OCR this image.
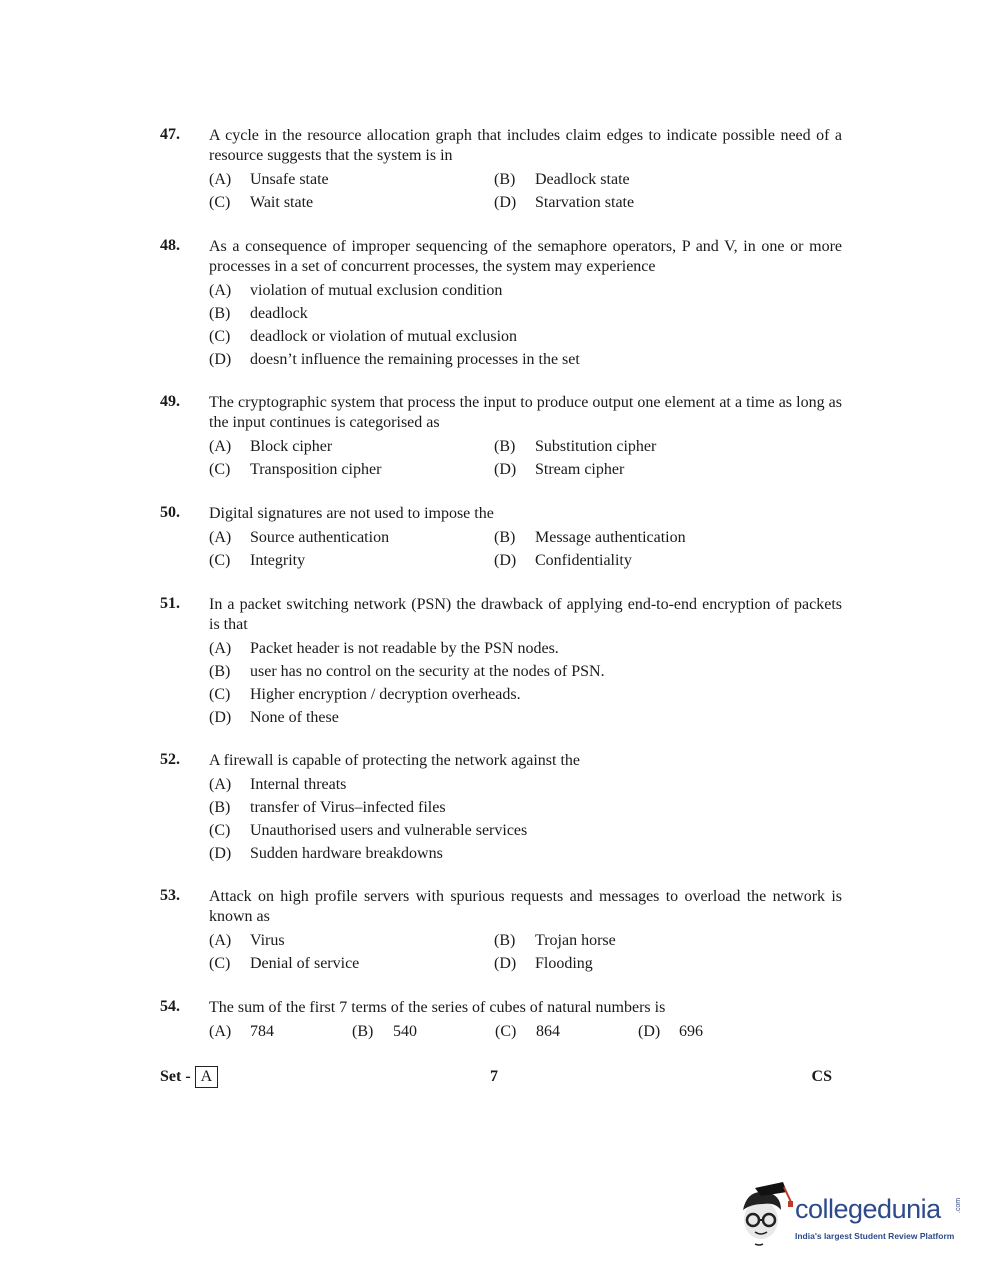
47. A cycle in the resource allocation graph that includes claim edges to indicate possible need of a resource suggests that the system is in
(A)	Unsafe state	(B)	Deadlock state
(C)	Wait state	(D)	Starvation state
48. As a consequence of improper sequencing of the semaphore operators, P and V, in one or more processes in a set of concurrent processes, the system may experience
(A)	violation of mutual exclusion condition
(B)	deadlock
(C)	deadlock or violation of mutual exclusion
(D)	doesn’t influence the remaining processes in the set
49. The cryptographic system that process the input to produce output one element at a time as long as the input continues is categorised as
(A)	Block cipher	(B)	Substitution cipher
(C)	Transposition cipher	(D)	Stream cipher
50. Digital signatures are not used to impose the
(A)	Source authentication	(B)	Message authentication
(C)	Integrity	(D)	Confidentiality
51. In a packet switching network (PSN) the drawback of applying end-to-end encryption of packets is that
(A)	Packet header is not readable by the PSN nodes.
(B)	user has no control on the security at the nodes of PSN.
(C)	Higher encryption / decryption overheads.
(D)	None of these
52. A firewall is capable of protecting the network against the
(A)	Internal threats
(B)	transfer of Virus–infected files
(C)	Unauthorised users and vulnerable services
(D)	Sudden hardware breakdowns
53. Attack on high profile servers with spurious requests and messages to overload the network is known as
(A)	Virus	(B)	Trojan horse
(C)	Denial of service	(D)	Flooding
54. The sum of the first 7 terms of the series of cubes of natural numbers is
(A)	784	(B)	540	(C)	864	(D)	696
Set - A	7	CS
collegedunia .com
India's largest Student Review Platform
